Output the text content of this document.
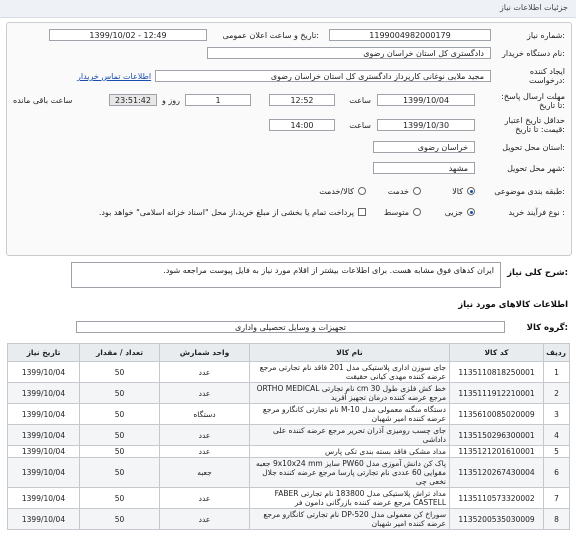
جزئیات اطلاعات نیاز
شماره نیاز:
1199004982000179
تاریخ و ساعت اعلان عمومی:
1399/10/02 - 12:49
نام دستگاه خریدار:
دادگستری کل استان خراسان رضوی
ایجاد کننده درخواست:
مجید ملایی نوغانی کارپرداز دادگستری کل استان خراسان رضوی
اطلاعات تماس خریدار
مهلت ارسال پاسخ: تا تاریخ:
1399/10/04
ساعت
12:52
1
روز و
23:51:42
ساعت باقی مانده
حداقل تاریخ اعتبار قیمت: تا تاریخ:
1399/10/30
ساعت
14:00
استان محل تحویل:
خراسان رضوی
شهر محل تحویل:
مشهد
طبقه بندی موضوعی:
کالا
خدمت
کالا/خدمت
نوع فرآیند خرید :
جزیی
متوسط
پرداخت تمام یا بخشی از مبلغ خرید،از محل "اسناد خزانه اسلامی" خواهد بود.
شرح کلی نیاز:
ایران کدهای فوق مشابه هست. برای اطلاعات بیشتر از اقلام مورد نیاز به فایل پیوست مراجعه شود.
اطلاعات کالاهای مورد نیاز
گروه کالا:
تجهیزات و وسایل تحصیلی واداری
ردیف	کد کالا	نام کالا	واحد شمارش	تعداد / مقدار	تاریخ نیاز
1	1135110818250001	جای سوزن اداری پلاستیکی مدل 201 فاقد نام تجارتی مرجع عرضه کننده مهدی کیانی حقیقت	عدد	50	1399/10/04
2	1135111912210001	خط کش فلزی طول 30 cm نام تجارتی ORTHO MEDICAL مرجع عرضه کننده درمان تجهیز آفرید	عدد	50	1399/10/04
3	1135610085020009	دستگاه منگنه معمولی مدل M-10 نام تجارتی کانگارو مرجع عرضه کننده امیر شهبان	دستگاه	50	1399/10/04
4	1135150296300001	جای چسب رومیزی آذران تحریر مرجع عرضه کننده علی داداشی	عدد	50	1399/10/04
5	1135121201610001	مداد مشکی فاقد بسته بندی تکی پارس	عدد	50	1399/10/04
6	1135120267430004	پاک کن دانش آموزی مدل PW60 سایز 9x10x24 mm جعبه مقوایی 60 عددی نام تجارتی پارسا مرجع عرضه کننده جلال نخعی چی	جعبه	50	1399/10/04
7	1135110573320002	مداد تراش پلاستیکی مدل 183800 نام تجارتی FABER CASTELL مرجع عرضه کننده بازرگانی دامون فر	عدد	50	1399/10/04
8	1135200535030009	سوراخ کن معمولی مدل DP-520 نام تجارتی کانگارو مرجع عرضه کننده امیر شهبان	عدد	50	1399/10/04
